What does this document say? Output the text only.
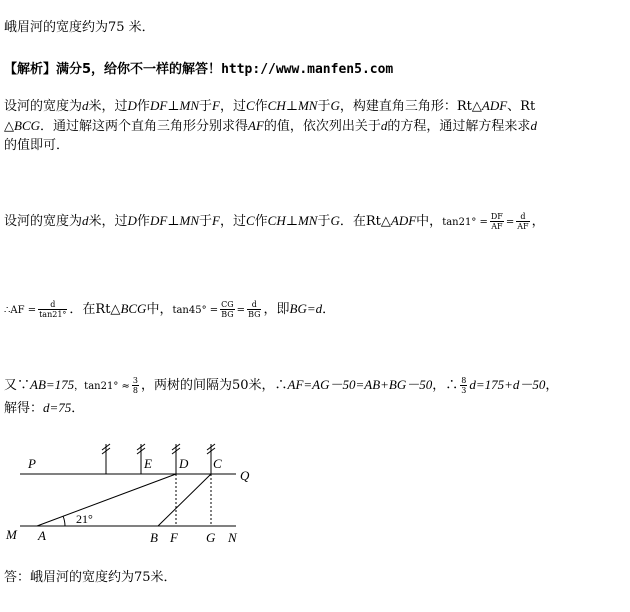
峨眉河的宽度约为75 米．
【解析】满分5，给你不一样的解答！http://www.manfen5.com
设河的宽度为d米，过D作DF⊥MN于F，过C作CH⊥MN于G，构建直角三角形：Rt△ADF、Rt
△BCG．通过解这两个直角三角形分别求得AF的值，依次列出关于d的方程，通过解方程来求d
的值即可．
设河的宽度为d米，过D作DF⊥MN于F，过C作CH⊥MN于G．在Rt△ADF中，$\tan 21^\circ = \frac{DF}{AF} = \frac{d}{AF}$ ，
∴AF = $\frac{d}{\tan 21^\circ}$ ．在Rt△BCG中，$\tan 45^\circ = \frac{CG}{BG} = \frac{d}{BG}$ ，即BG=d．
又∵AB=175，$\tan 21^\circ \approx \frac{3}{8}$ ，两树的间隔为50米，∴AF=AG－50=AB+BG－50，∴ $\frac{8}{3} d=175+d-50$，
解得：d=75．
P	E D C
Q
M A	B F G N
21°
答：峨眉河的宽度约为75米．
